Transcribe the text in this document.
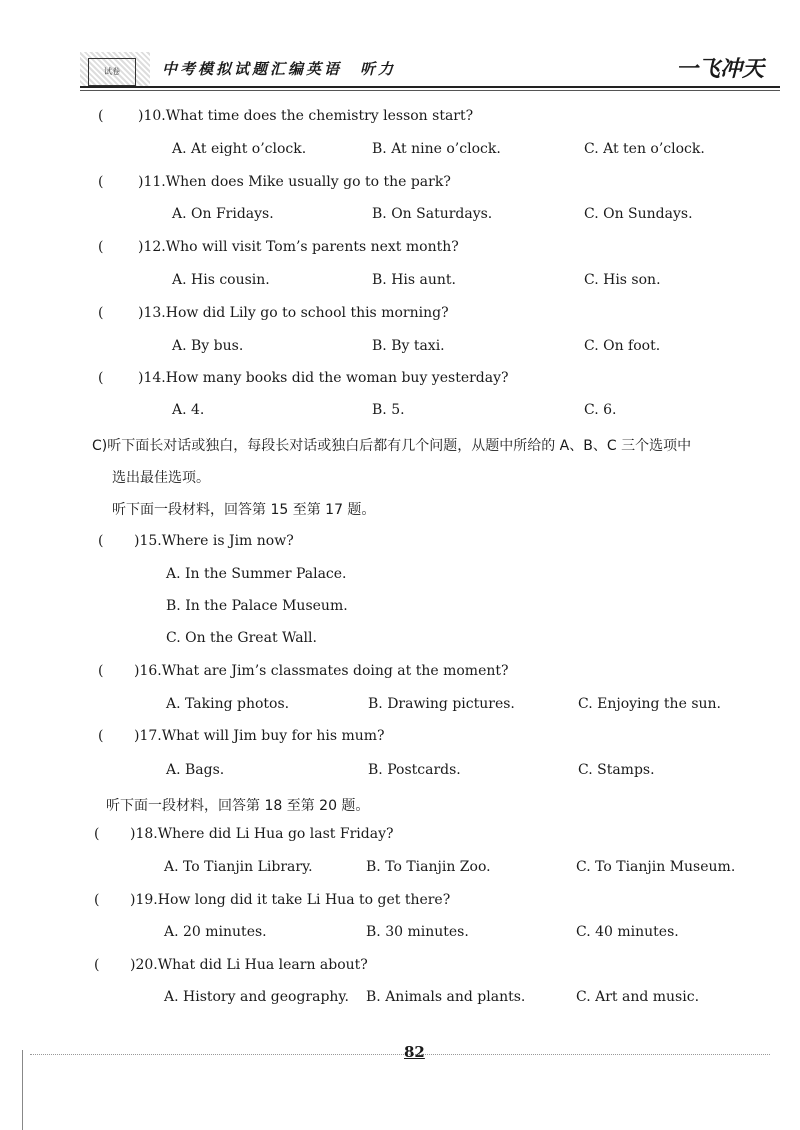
试卷	中考模拟试题汇编英语　听力	一飞冲天
( )10.What time does the chemistry lesson start?
A. At eight o’clock.	B. At nine o’clock.	C. At ten o’clock.
( )11.When does Mike usually go to the park?
A. On Fridays.	B. On Saturdays.	C. On Sundays.
( )12.Who will visit Tom’s parents next month?
A. His cousin.	B. His aunt.	C. His son.
( )13.How did Lily go to school this morning?
A. By bus.	B. By taxi.	C. On foot.
( )14.How many books did the woman buy yesterday?
A. 4.	B. 5.	C. 6.
C)听下面长对话或独白，每段长对话或独白后都有几个问题，从题中所给的 A、B、C 三个选项中
选出最佳选项。
听下面一段材料，回答第 15 至第 17 题。
( )15.Where is Jim now?
A. In the Summer Palace.
B. In the Palace Museum.
C. On the Great Wall.
( )16.What are Jim’s classmates doing at the moment?
A. Taking photos.	B. Drawing pictures.	C. Enjoying the sun.
( )17.What will Jim buy for his mum?
A. Bags.	B. Postcards.	C. Stamps.
听下面一段材料，回答第 18 至第 20 题。
( )18.Where did Li Hua go last Friday?
A. To Tianjin Library.	B. To Tianjin Zoo.	C. To Tianjin Museum.
( )19.How long did it take Li Hua to get there?
A. 20 minutes.	B. 30 minutes.	C. 40 minutes.
( )20.What did Li Hua learn about?
A. History and geography. B. Animals and plants.	C. Art and music.
82
